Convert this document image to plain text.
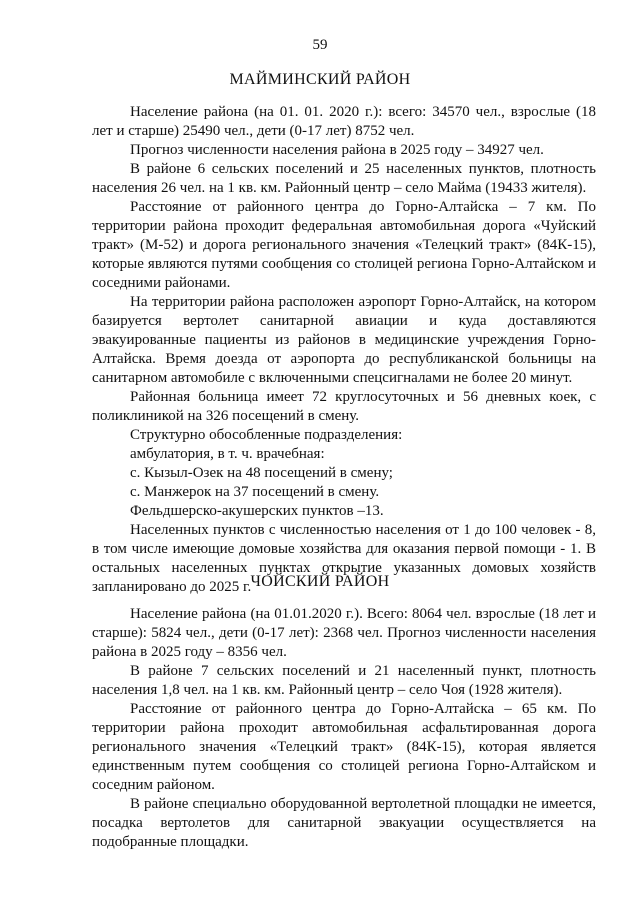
59
МАЙМИНСКИЙ РАЙОН

Население района (на 01. 01. 2020 г.): всего: 34570 чел., взрослые (18 лет и старше) 25490 чел., дети (0-17 лет) 8752 чел.

Прогноз численности населения района в 2025 году – 34927 чел.

В районе 6 сельских поселений и 25 населенных пунктов, плотность населения 26 чел. на 1 кв. км. Районный центр – село Майма (19433 жителя).

Расстояние от районного центра до Горно-Алтайска – 7 км. По территории района проходит федеральная автомобильная дорога «Чуйский тракт» (М-52) и дорога регионального значения «Телецкий тракт» (84К-15), которые являются путями сообщения со столицей региона Горно-Алтайском и соседними районами.

На территории района расположен аэропорт Горно-Алтайск, на котором базируется вертолет санитарной авиации и куда доставляются эвакуированные пациенты из районов в медицинские учреждения Горно-Алтайска. Время доезда от аэропорта до республиканской больницы на санитарном автомобиле с включенными спецсигналами не более 20 минут.

Районная больница имеет 72 круглосуточных и 56 дневных коек, с поликлиникой на 326 посещений в смену.

Структурно обособленные подразделения:

амбулатория, в т. ч. врачебная:

с. Кызыл-Озек на 48 посещений в смену;

с. Манжерок на 37 посещений в смену.

Фельдшерско-акушерских пунктов –13.

Населенных пунктов с численностью населения от 1 до 100 человек - 8, в том числе имеющие домовые хозяйства для оказания первой помощи - 1. В остальных населенных пунктах открытие указанных домовых хозяйств запланировано до 2025 г. ЧОЙСКИЙ РАЙОН

Население района (на 01.01.2020 г.). Всего: 8064 чел. взрослые (18 лет и старше): 5824 чел., дети (0-17 лет): 2368 чел. Прогноз численности населения района в 2025 году – 8356 чел.

В районе 7 сельских поселений и 21 населенный пункт, плотность населения 1,8 чел. на 1 кв. км. Районный центр – село Чоя (1928 жителя).

Расстояние от районного центра до Горно-Алтайска – 65 км. По территории района проходит автомобильная асфальтированная дорога регионального значения «Телецкий тракт» (84К-15), которая является единственным путем сообщения со столицей региона Горно-Алтайском и соседним районом.

В районе специально оборудованной вертолетной площадки не имеется, посадка вертолетов для санитарной эвакуации осуществляется на подобранные площадки.
